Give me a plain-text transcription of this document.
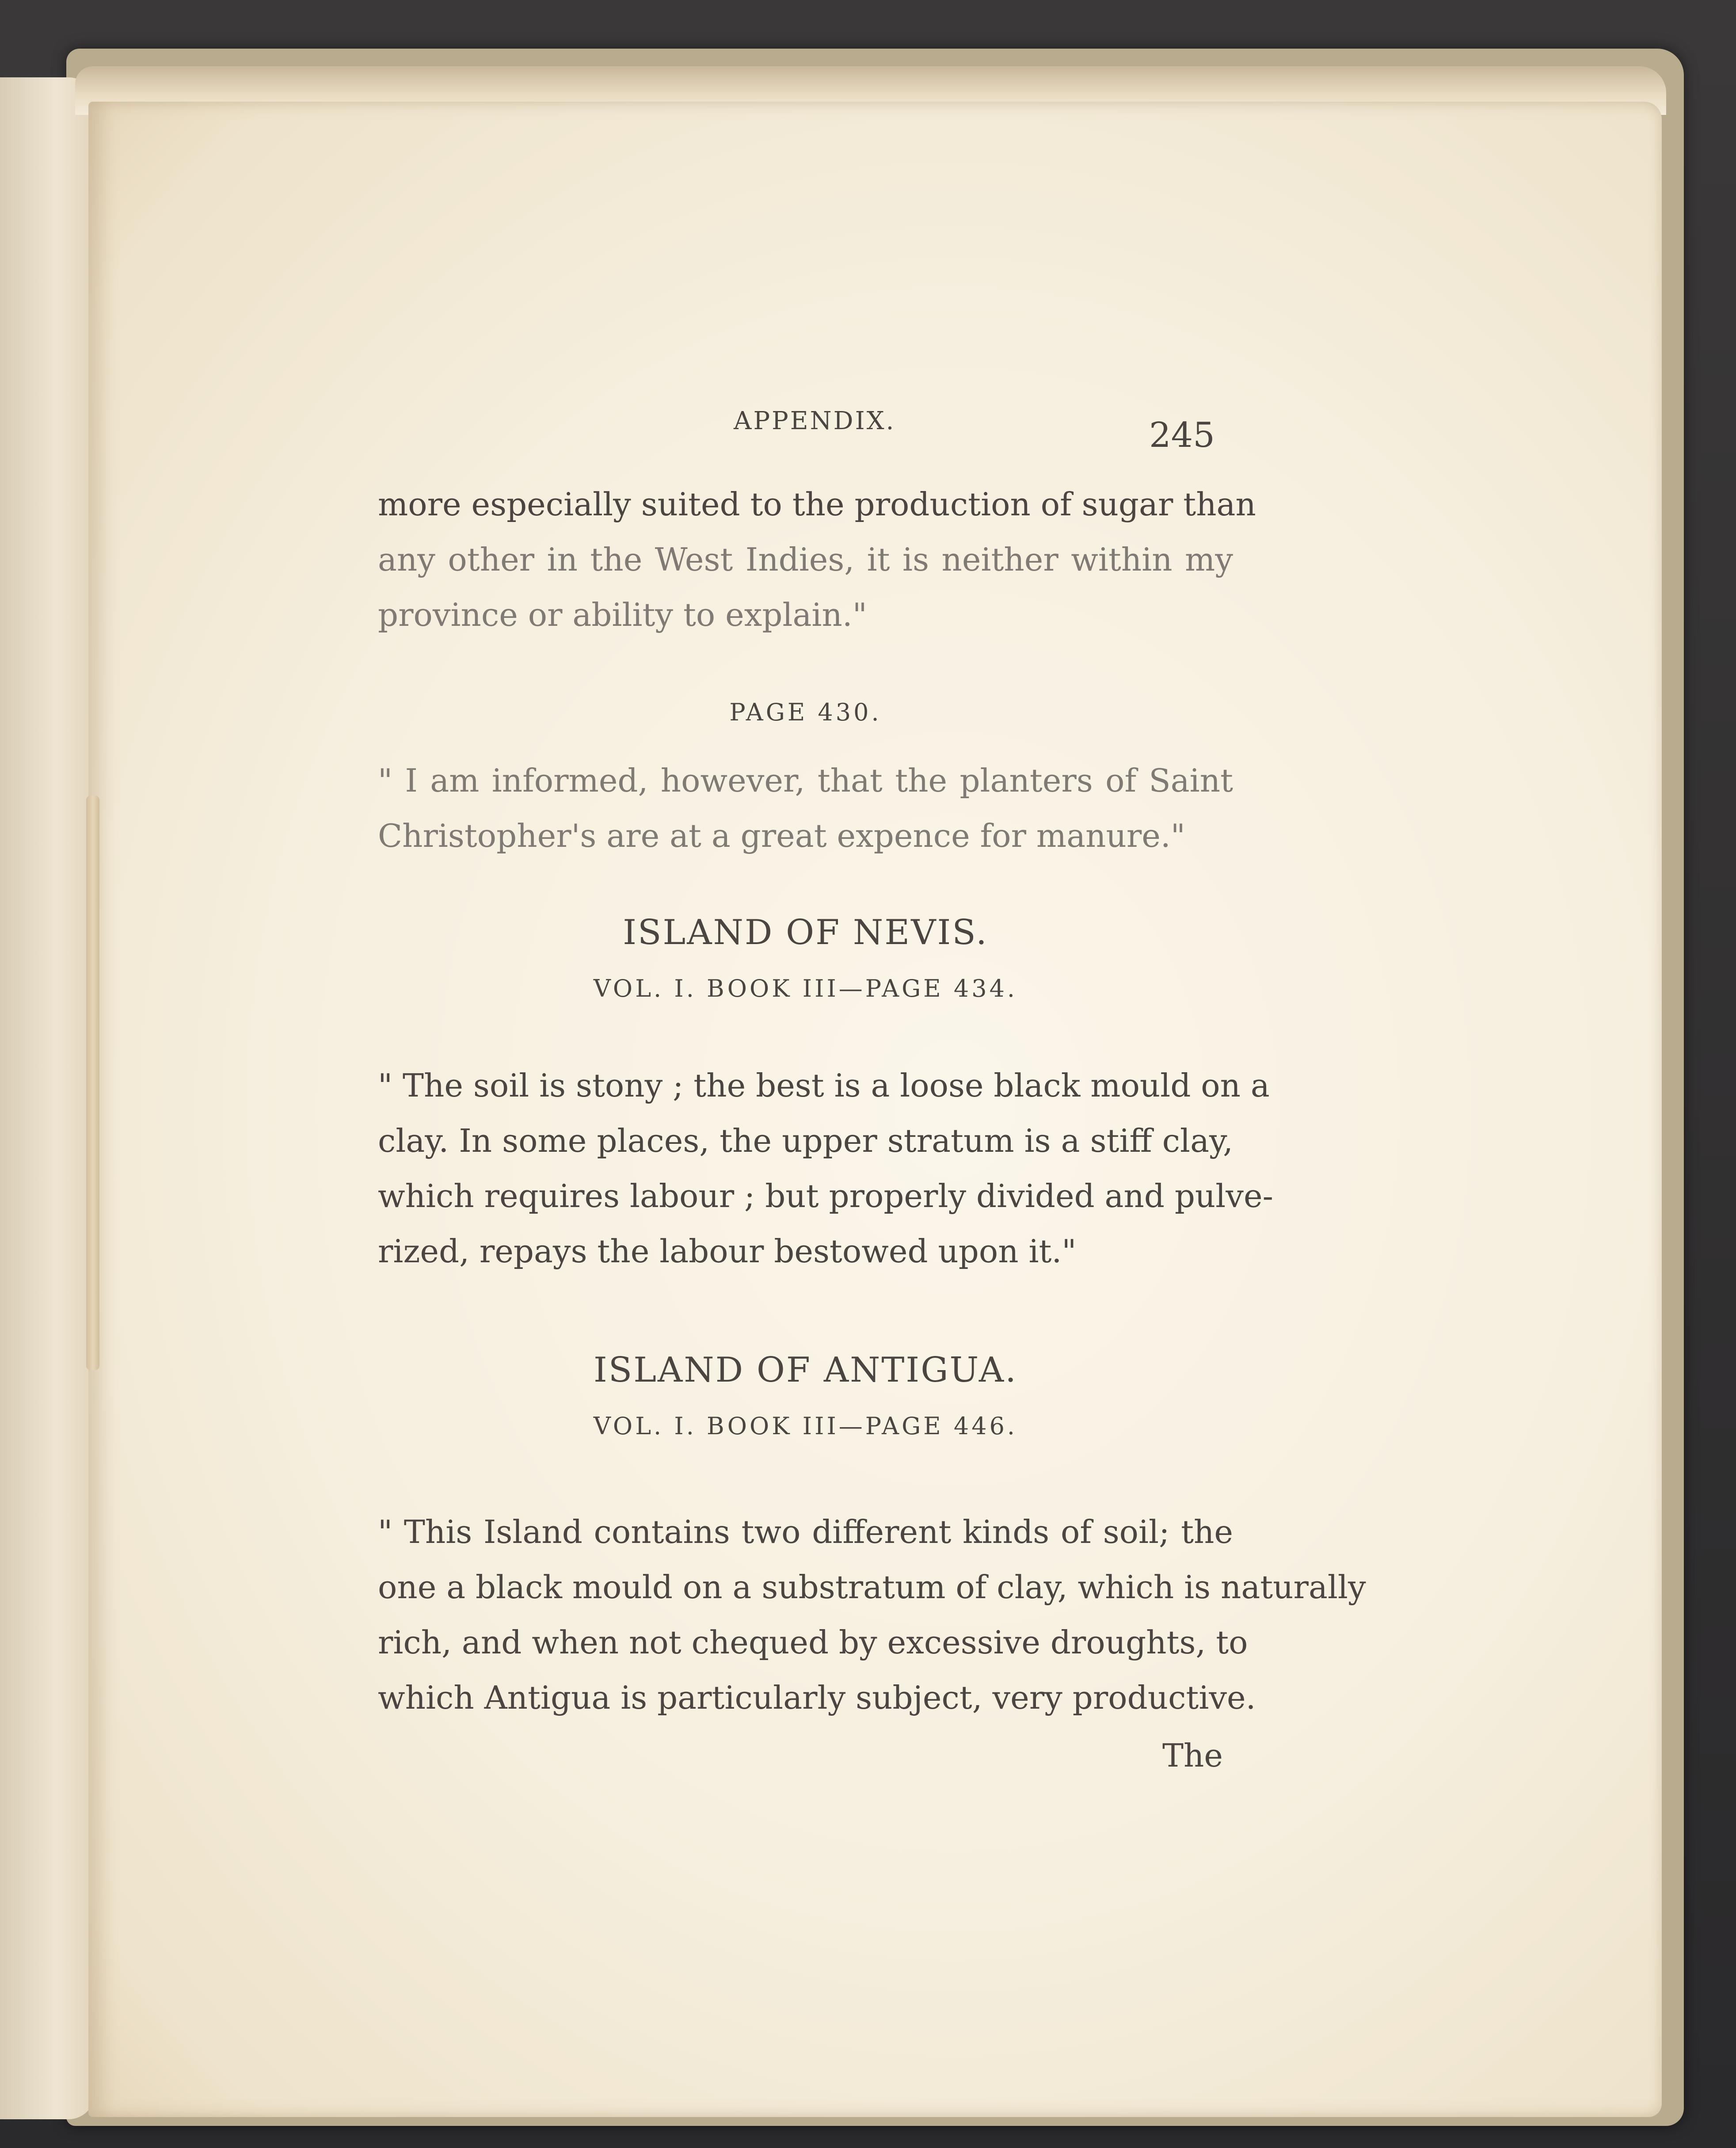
APPENDIX.	245
more especially suited to the production of sugar than
any other in the West Indies, it is neither within my
province or ability to explain."
PAGE 430.
" I am informed, however, that the planters of Saint
Christopher's are at a great expence for manure."
ISLAND OF NEVIS.
VOL. I. BOOK III—PAGE 434.
" The soil is stony ; the best is a loose black mould on a
clay. In some places, the upper stratum is a stiff clay,
which requires labour ; but properly divided and pulve-
rized, repays the labour bestowed upon it."
ISLAND OF ANTIGUA.
VOL. I. BOOK III—PAGE 446.
" This Island contains two different kinds of soil; the
one a black mould on a substratum of clay, which is naturally
rich, and when not chequed by excessive droughts, to
which Antigua is particularly subject, very productive.
The
